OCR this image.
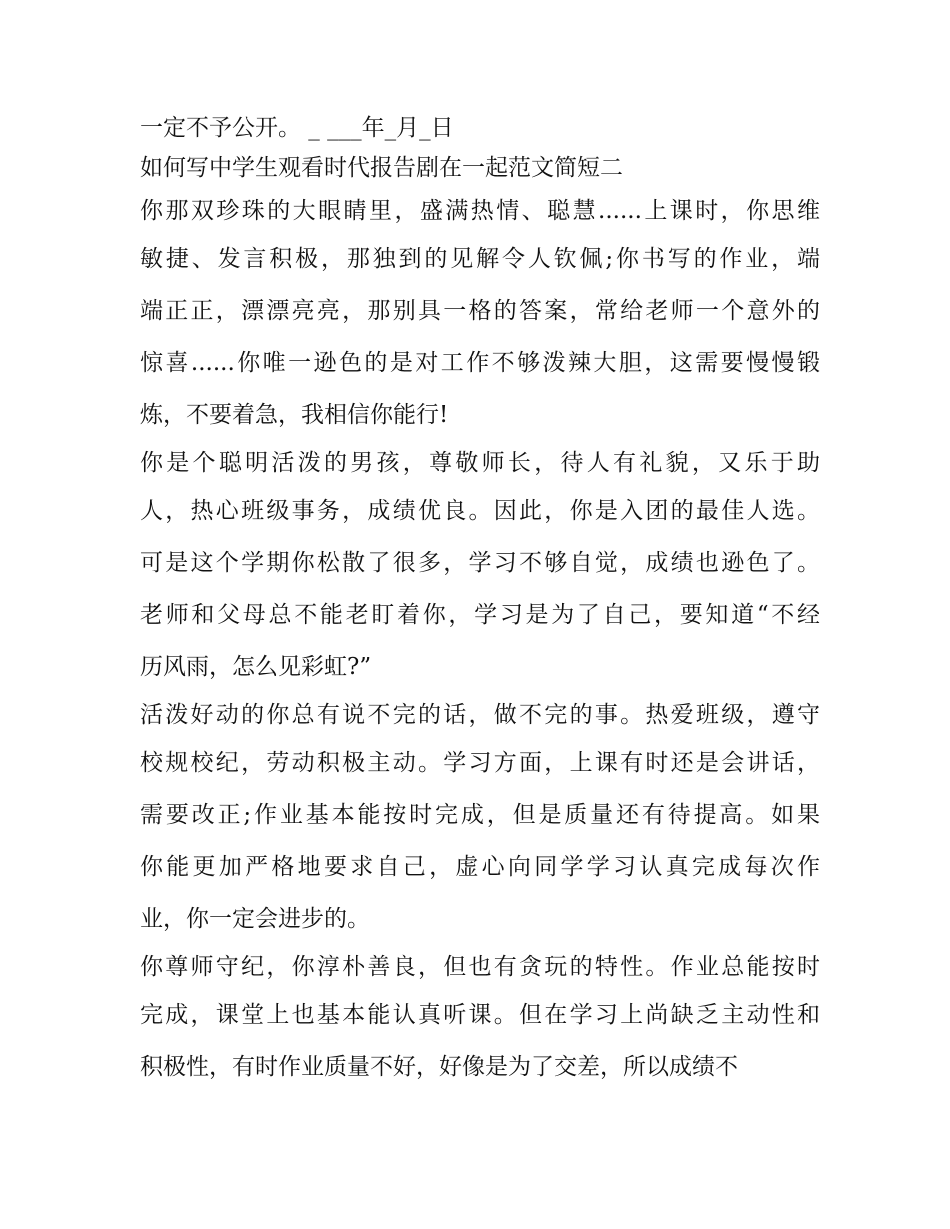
一定不予公开。 _ ___年_月_日
如何写中学生观看时代报告剧在一起范文简短二
你那双珍珠的大眼睛里，盛满热情、聪慧......上课时，你思维
敏捷、发言积极，那独到的见解令人钦佩;你书写的作业，端
端正正，漂漂亮亮，那别具一格的答案，常给老师一个意外的
惊喜......你唯一逊色的是对工作不够泼辣大胆，这需要慢慢锻
炼，不要着急，我相信你能行!
你是个聪明活泼的男孩，尊敬师长，待人有礼貌，又乐于助
人，热心班级事务，成绩优良。因此，你是入团的最佳人选。
可是这个学期你松散了很多，学习不够自觉，成绩也逊色了。
老师和父母总不能老盯着你，学习是为了自己，要知道“不经
历风雨，怎么见彩虹?”
活泼好动的你总有说不完的话，做不完的事。热爱班级，遵守
校规校纪，劳动积极主动。学习方面，上课有时还是会讲话，
需要改正;作业基本能按时完成，但是质量还有待提高。如果
你能更加严格地要求自己，虚心向同学学习认真完成每次作
业，你一定会进步的。
你尊师守纪，你淳朴善良，但也有贪玩的特性。作业总能按时
完成，课堂上也基本能认真听课。但在学习上尚缺乏主动性和
积极性，有时作业质量不好，好像是为了交差，所以成绩不
